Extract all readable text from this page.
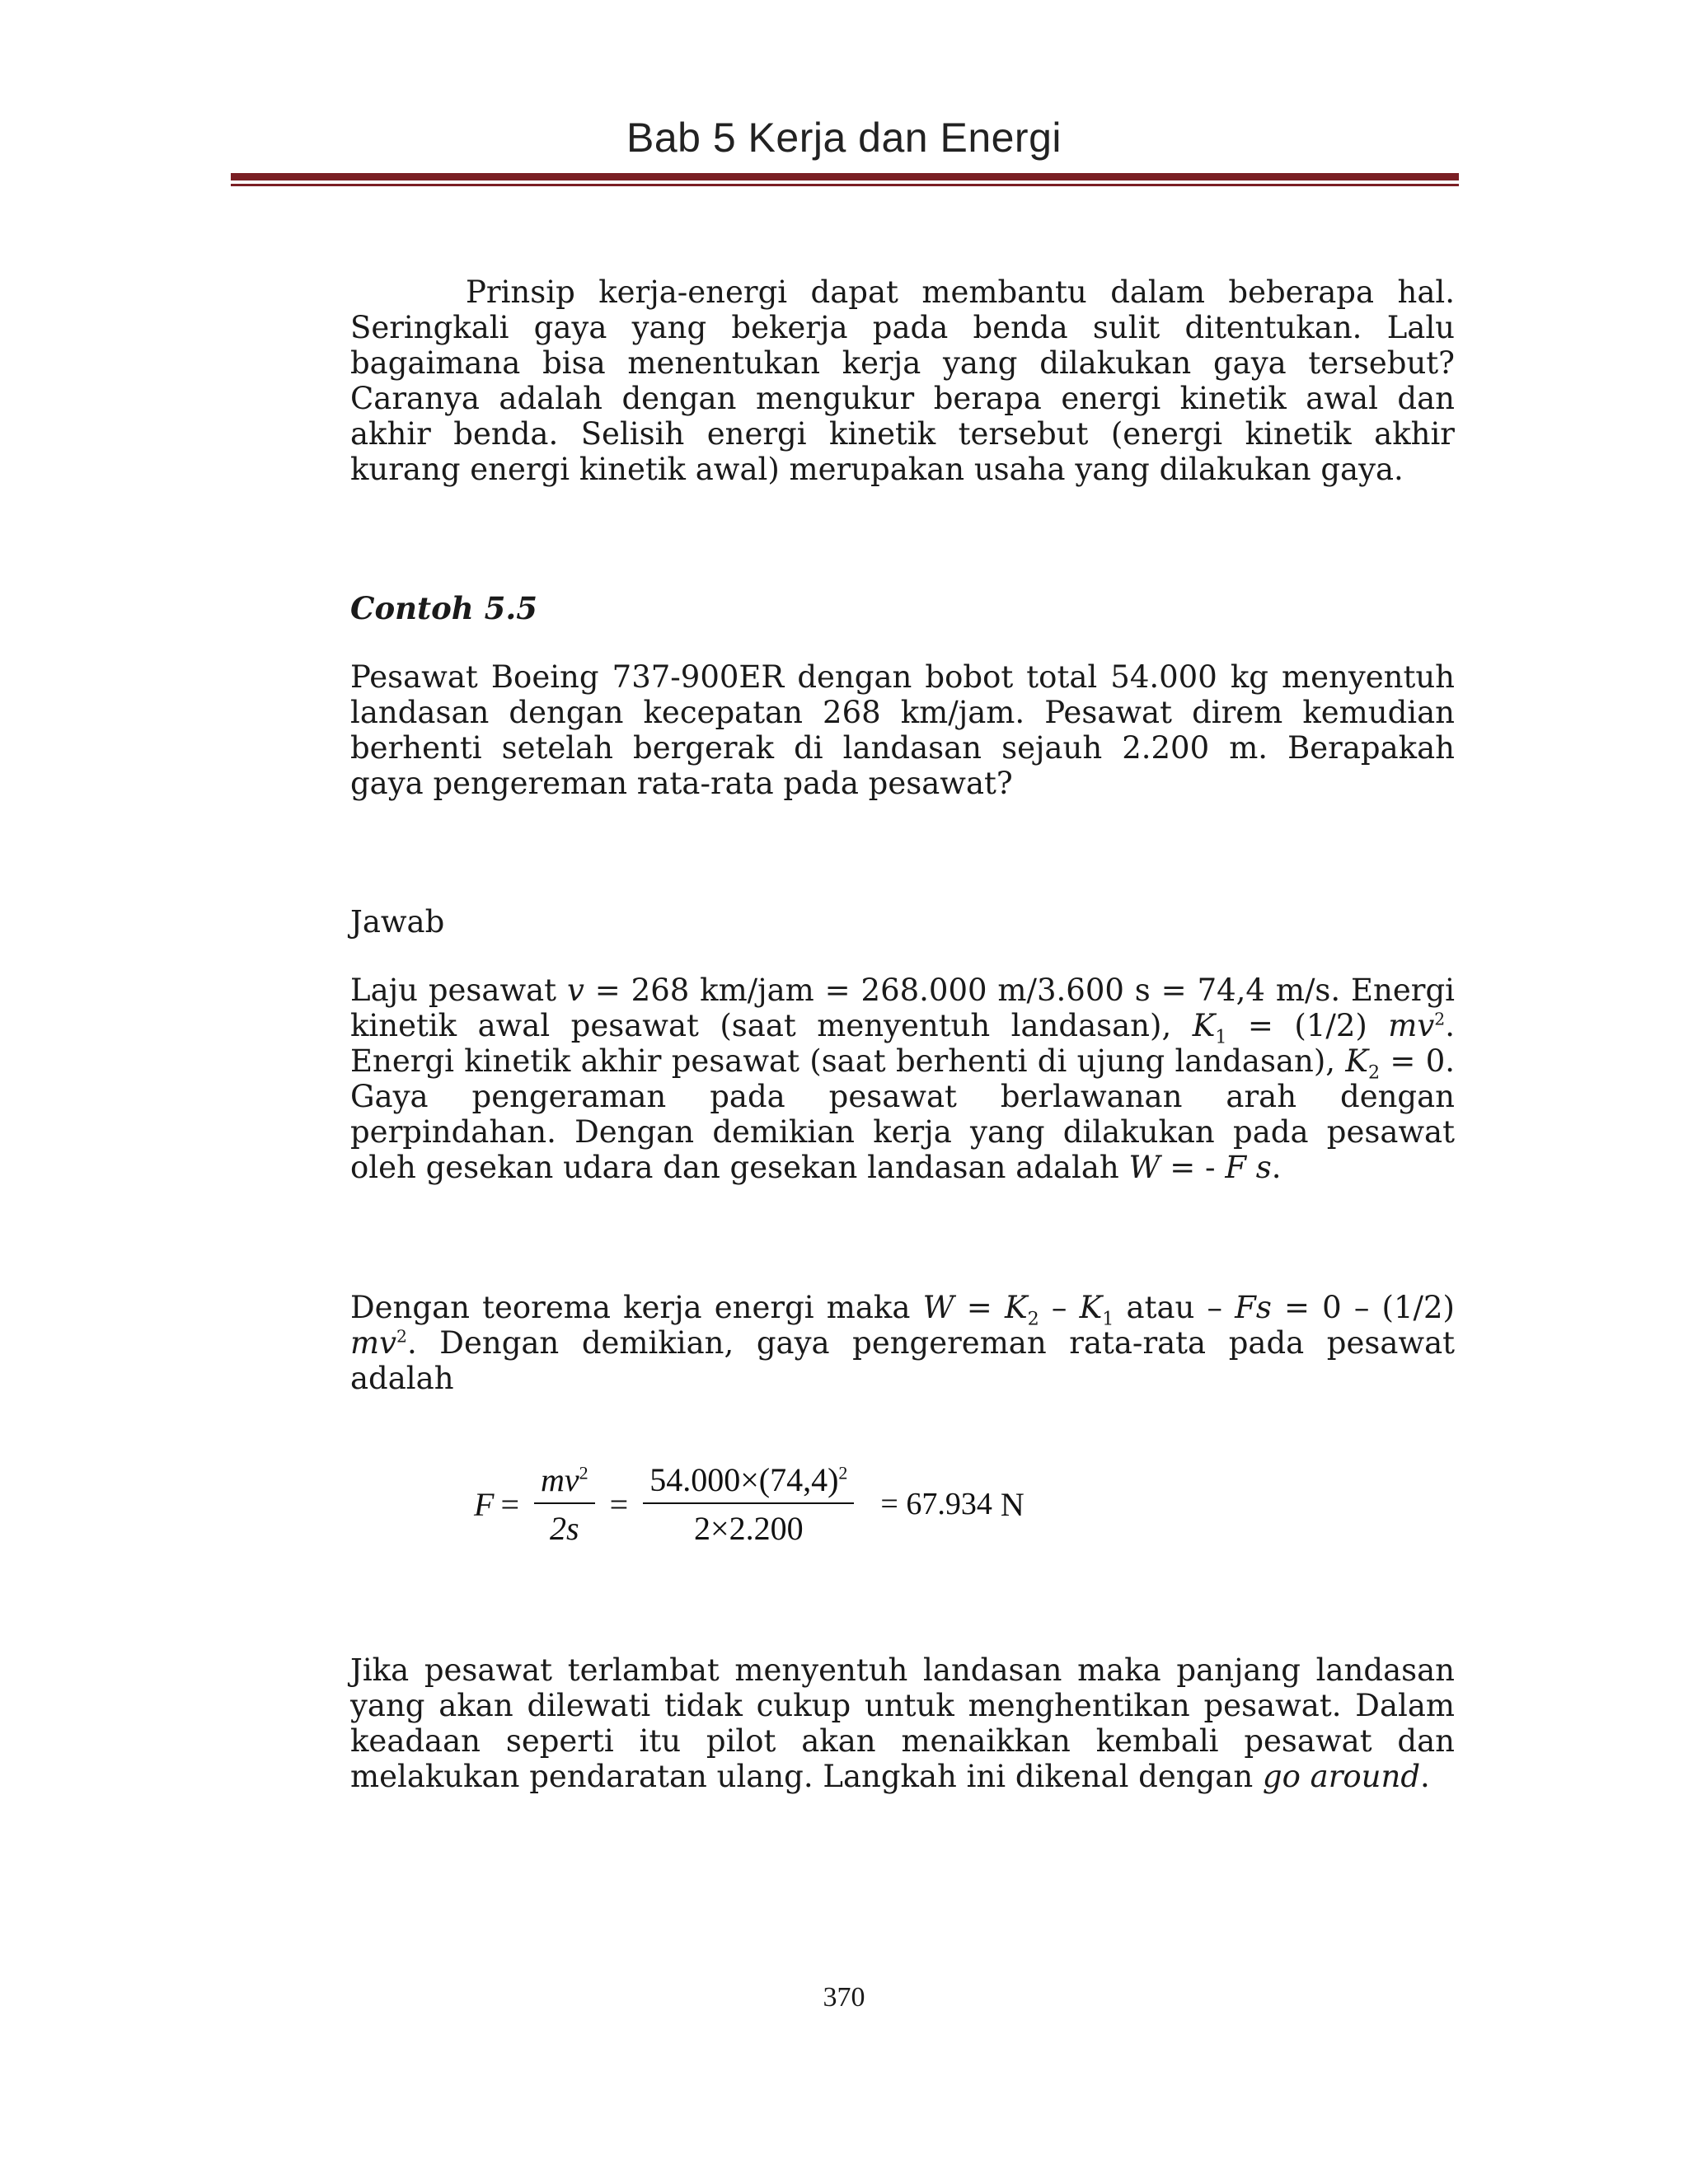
Bab 5 Kerja dan Energi

Prinsip kerja-energi dapat membantu dalam beberapa hal. Seringkali gaya yang bekerja pada benda sulit ditentukan. Lalu bagaimana bisa menentukan kerja yang dilakukan gaya tersebut? Caranya adalah dengan mengukur berapa energi kinetik awal dan akhir benda. Selisih energi kinetik tersebut (energi kinetik akhir kurang energi kinetik awal) merupakan usaha yang dilakukan gaya.

Contoh 5.5

Pesawat Boeing 737-900ER dengan bobot total 54.000 kg menyentuh landasan dengan kecepatan 268 km/jam. Pesawat direm kemudian berhenti setelah bergerak di landasan sejauh 2.200 m. Berapakah gaya pengereman rata-rata pada pesawat?

Jawab

Laju pesawat v = 268 km/jam = 268.000 m/3.600 s = 74,4 m/s. Energi kinetik awal pesawat (saat menyentuh landasan), $K_1 = (1/2)$ $mv^2$. Energi kinetik akhir pesawat (saat berhenti di ujung landasan), $K_2 = 0$. Gaya pengeraman pada pesawat berlawanan arah dengan perpindahan. Dengan demikian kerja yang dilakukan pada pesawat oleh gesekan udara dan gesekan landasan adalah W = - F s.

Dengan teorema kerja energi maka $W = K_2 - K_1$ atau – Fs = 0 – (1/2) $mv^2$. Dengan demikian, gaya pengereman rata-rata pada pesawat adalah

$F = \frac{mv^2}{2s} = \frac{54.000\times(74,4)^2}{2\times 2.200} = 67.934$ N

Jika pesawat terlambat menyentuh landasan maka panjang landasan yang akan dilewati tidak cukup untuk menghentikan pesawat. Dalam keadaan seperti itu pilot akan menaikkan kembali pesawat dan melakukan pendaratan ulang. Langkah ini dikenal dengan go around.

370
